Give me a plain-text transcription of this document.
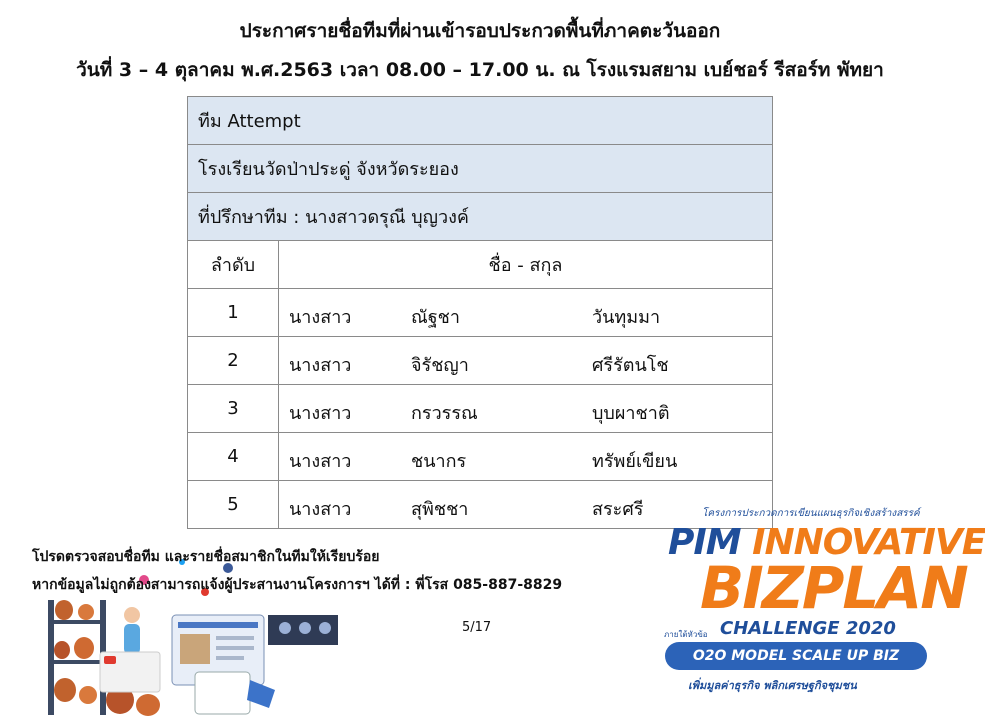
ประกาศรายชื่อทีมที่ผ่านเข้ารอบประกวดพื้นที่ภาคตะวันออก
วันที่ 3 – 4 ตุลาคม พ.ศ.2563 เวลา 08.00 – 17.00 น. ณ โรงแรมสยาม เบย์ชอร์ รีสอร์ท พัทยา
ทีม Attempt	
โรงเรียนวัดป่าประดู่ จังหวัดระยอง	
ที่ปรึกษาทีม : นางสาวดรุณี บุญวงค์	
ลำดับ	ชื่อ - สกุล
1	นางสาว ณัฐชา วันทุมมา

2	นางสาว จิรัชญา ศรีรัตนโช

3	นางสาว กรวรรณ บุบผาชาติ

4	นางสาว ชนากร ทรัพย์เขียน

5	นางสาว สุพิชชา สระศรี
โปรดตรวจสอบชื่อทีม และรายชื่อสมาชิกในทีมให้เรียบร้อย
หากข้อมูลไม่ถูกต้องสามารถแจ้งผู้ประสานงานโครงการฯ ได้ที่ : พี่โรส 085-887-8829
5/17
โครงการประกวดการเขียนแผนธุรกิจเชิงสร้างสรรค์
PIM INNOVATIVE
BIZPLAN
ภายใต้หัวข้อ CHALLENGE 2020
O2O MODEL SCALE UP BIZ
เพิ่มมูลค่าธุรกิจ พลิกเศรษฐกิจชุมชน
